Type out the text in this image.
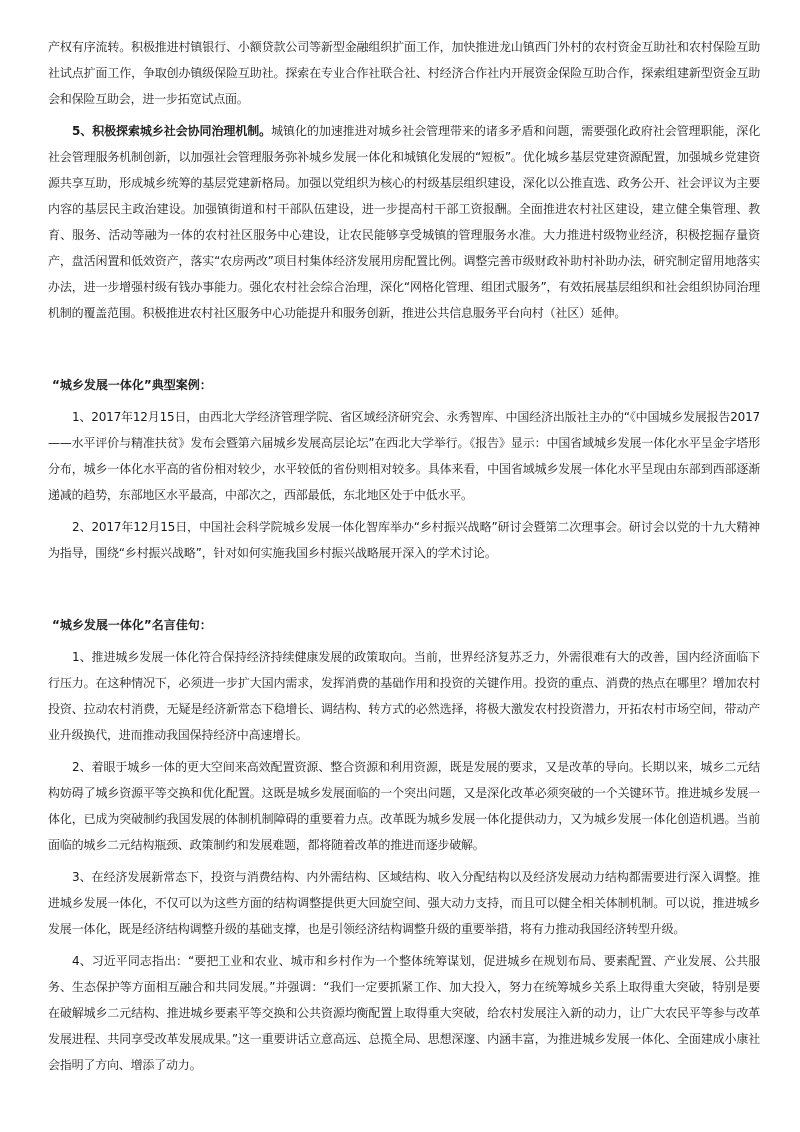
产权有序流转。积极推进村镇银行、小额贷款公司等新型金融组织扩面工作，加快推进龙山镇西门外村的农村资金互助社和农村保险互助社试点扩面工作，争取创办镇级保险互助社。探索在专业合作社联合社、村经济合作社内开展资金保险互助合作，探索组建新型资金互助会和保险互助会，进一步拓宽试点面。

5、积极探索城乡社会协同治理机制。城镇化的加速推进对城乡社会管理带来的诸多矛盾和问题，需要强化政府社会管理职能，深化社会管理服务机制创新，以加强社会管理服务弥补城乡发展一体化和城镇化发展的“短板”。优化城乡基层党建资源配置，加强城乡党建资源共享互助，形成城乡统筹的基层党建新格局。加强以党组织为核心的村级基层组织建设，深化以公推直选、政务公开、社会评议为主要内容的基层民主政治建设。加强镇街道和村干部队伍建设，进一步提高村干部工资报酬。全面推进农村社区建设，建立健全集管理、教育、服务、活动等融为一体的农村社区服务中心建设，让农民能够享受城镇的管理服务水准。大力推进村级物业经济，积极挖掘存量资产，盘活闲置和低效资产，落实“农房两改”项目村集体经济发展用房配置比例。调整完善市级财政补助村补助办法，研究制定留用地落实办法，进一步增强村级有钱办事能力。强化农村社会综合治理，深化“网格化管理、组团式服务”，有效拓展基层组织和社会组织协同治理机制的覆盖范围。积极推进农村社区服务中心功能提升和服务创新，推进公共信息服务平台向村（社区）延伸。

“城乡发展一体化”典型案例：

1、2017年12月15日，由西北大学经济管理学院、省区域经济研究会、永秀智库、中国经济出版社主办的“《中国城乡发展报告2017——水平评价与精准扶贫》发布会暨第六届城乡发展高层论坛”在西北大学举行。《报告》显示：中国省域城乡发展一体化水平呈金字塔形分布，城乡一体化水平高的省份相对较少，水平较低的省份则相对较多。具体来看，中国省域城乡发展一体化水平呈现由东部到西部逐渐递减的趋势，东部地区水平最高，中部次之，西部最低，东北地区处于中低水平。

2、2017年12月15日，中国社会科学院城乡发展一体化智库举办“乡村振兴战略”研讨会暨第二次理事会。研讨会以党的十九大精神为指导，围绕“乡村振兴战略”，针对如何实施我国乡村振兴战略展开深入的学术讨论。

“城乡发展一体化”名言佳句：

1、推进城乡发展一体化符合保持经济持续健康发展的政策取向。当前，世界经济复苏乏力，外需很难有大的改善，国内经济面临下行压力。在这种情况下，必须进一步扩大国内需求，发挥消费的基础作用和投资的关键作用。投资的重点、消费的热点在哪里？增加农村投资、拉动农村消费，无疑是经济新常态下稳增长、调结构、转方式的必然选择，将极大激发农村投资潜力，开拓农村市场空间，带动产业升级换代，进而推动我国保持经济中高速增长。

2、着眼于城乡一体的更大空间来高效配置资源、整合资源和利用资源，既是发展的要求，又是改革的导向。长期以来，城乡二元结构妨碍了城乡资源平等交换和优化配置。这既是城乡发展面临的一个突出问题，又是深化改革必须突破的一个关键环节。推进城乡发展一体化，已成为突破制约我国发展的体制机制障碍的重要着力点。改革既为城乡发展一体化提供动力，又为城乡发展一体化创造机遇。当前面临的城乡二元结构瓶颈、政策制约和发展难题，都将随着改革的推进而逐步破解。

3、在经济发展新常态下，投资与消费结构、内外需结构、区域结构、收入分配结构以及经济发展动力结构都需要进行深入调整。推进城乡发展一体化，不仅可以为这些方面的结构调整提供更大回旋空间、强大动力支持，而且可以健全相关体制机制。可以说，推进城乡发展一体化，既是经济结构调整升级的基础支撑，也是引领经济结构调整升级的重要举措，将有力推动我国经济转型升级。

4、习近平同志指出：“要把工业和农业、城市和乡村作为一个整体统筹谋划，促进城乡在规划布局、要素配置、产业发展、公共服务、生态保护等方面相互融合和共同发展。”并强调：“我们一定要抓紧工作、加大投入，努力在统筹城乡关系上取得重大突破，特别是要在破解城乡二元结构、推进城乡要素平等交换和公共资源均衡配置上取得重大突破，给农村发展注入新的动力，让广大农民平等参与改革发展进程、共同享受改革发展成果。”这一重要讲话立意高远、总揽全局、思想深邃、内涵丰富，为推进城乡发展一体化、全面建成小康社会指明了方向、增添了动力。
